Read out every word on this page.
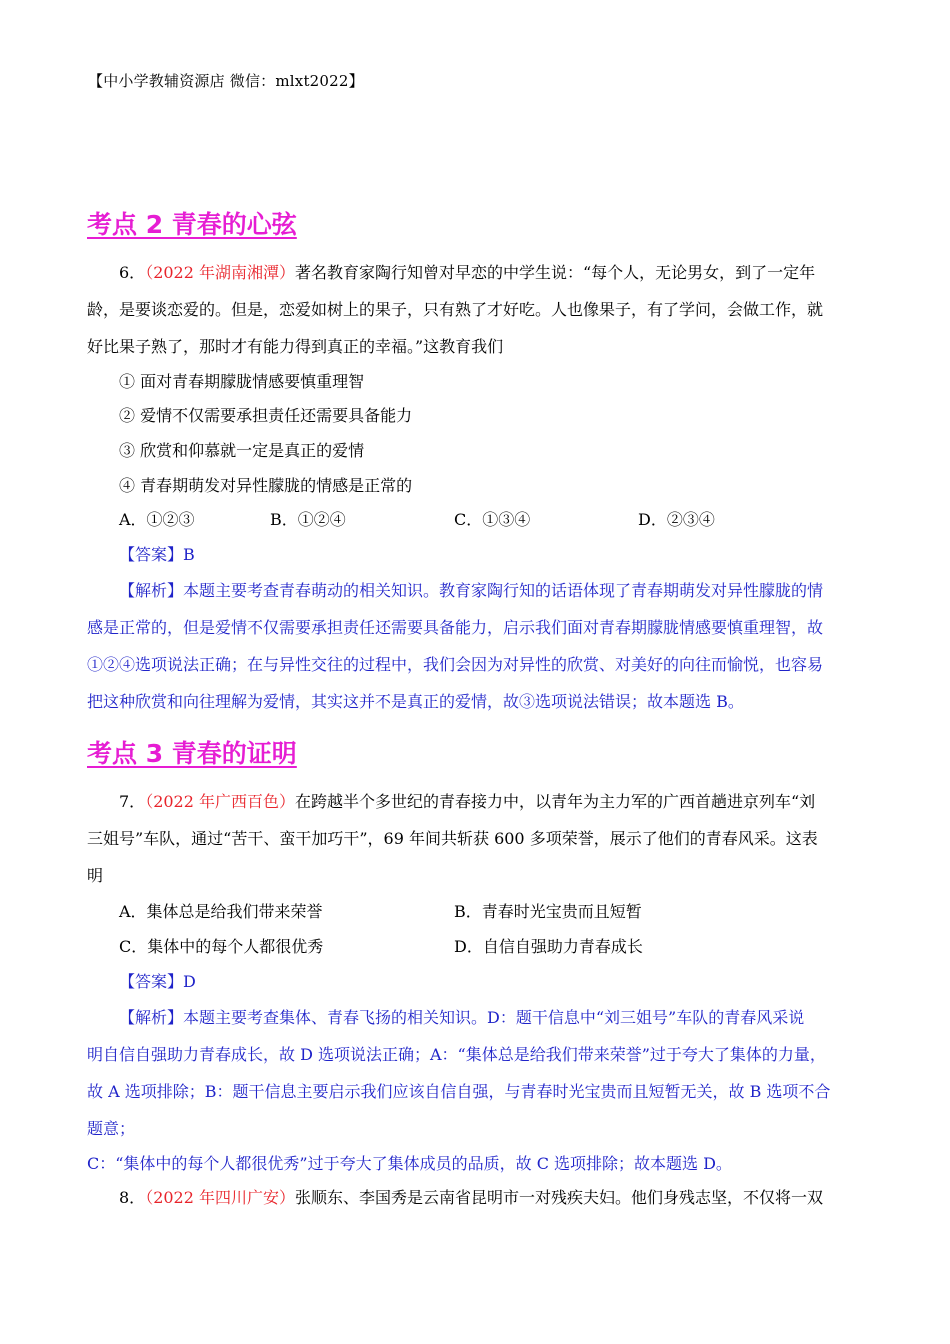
【中小学教辅资源店 微信：mlxt2022】
考点 2 青春的心弦
6．（2022 年湖南湘潭）著名教育家陶行知曾对早恋的中学生说：“每个人，无论男女，到了一定年
龄，是要谈恋爱的。但是，恋爱如树上的果子，只有熟了才好吃。人也像果子，有了学问，会做工作，就
好比果子熟了，那时才有能力得到真正的幸福。”这教育我们
① 面对青春期朦胧情感要慎重理智
② 爱情不仅需要承担责任还需要具备能力
③ 欣赏和仰慕就一定是真正的爱情
④ 青春期萌发对异性朦胧的情感是正常的
A．①②③	B．①②④	C．①③④	D．②③④
【答案】B
【解析】本题主要考查青春萌动的相关知识。教育家陶行知的话语体现了青春期萌发对异性朦胧的情
感是正常的，但是爱情不仅需要承担责任还需要具备能力，启示我们面对青春期朦胧情感要慎重理智，故
①②④选项说法正确；在与异性交往的过程中，我们会因为对异性的欣赏、对美好的向往而愉悦，也容易
把这种欣赏和向往理解为爱情，其实这并不是真正的爱情，故③选项说法错误；故本题选 B。
考点 3 青春的证明
7．（2022 年广西百色）在跨越半个多世纪的青春接力中，以青年为主力军的广西首趟进京列车“刘
三姐号”车队，通过“苦干、蛮干加巧干”，69 年间共斩获 600 多项荣誉，展示了他们的青春风采。这表
明
A．集体总是给我们带来荣誉	B．青春时光宝贵而且短暂
C．集体中的每个人都很优秀	D．自信自强助力青春成长
【答案】D
【解析】本题主要考查集体、青春飞扬的相关知识。D：题干信息中“刘三姐号”车队的青春风采说
明自信自强助力青春成长，故 D 选项说法正确；A：“集体总是给我们带来荣誉”过于夸大了集体的力量，
故 A 选项排除；B：题干信息主要启示我们应该自信自强，与青春时光宝贵而且短暂无关，故 B 选项不合
题意；
C：“集体中的每个人都很优秀”过于夸大了集体成员的品质，故 C 选项排除；故本题选 D。
8．（2022 年四川广安）张顺东、李国秀是云南省昆明市一对残疾夫妇。他们身残志坚，不仅将一双
